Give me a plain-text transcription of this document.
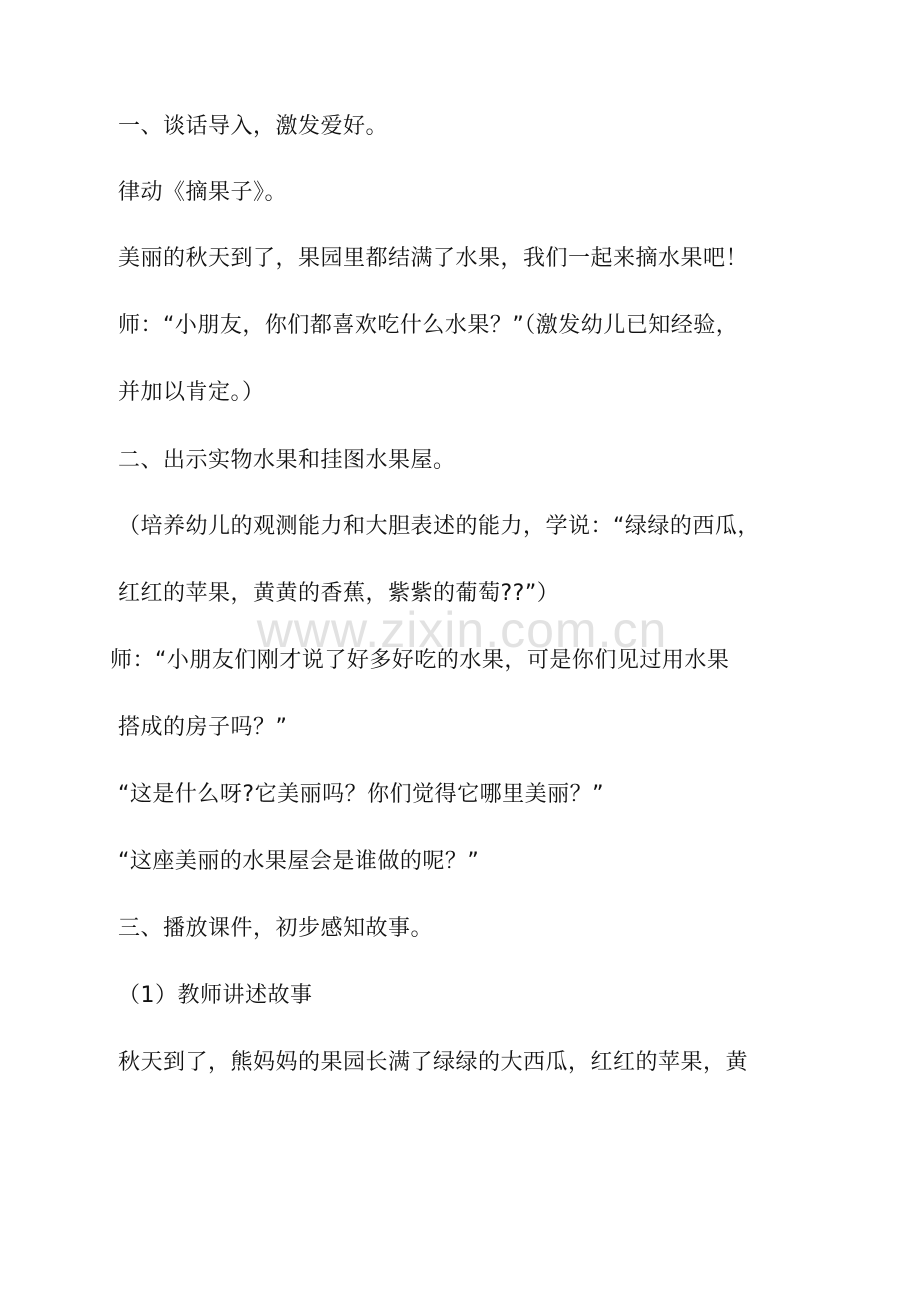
www.zixin.com.cn
一、谈话导入，激发爱好。
律动《摘果子》。
美丽的秋天到了，果园里都结满了水果，我们一起来摘水果吧！
师：“小朋友，你们都喜欢吃什么水果？”（激发幼儿已知经验，
并加以肯定。）
二、出示实物水果和挂图水果屋。
（培养幼儿的观测能力和大胆表述的能力，学说：“绿绿的西瓜，
红红的苹果，黄黄的香蕉，紫紫的葡萄??”）
师：“小朋友们刚才说了好多好吃的水果，可是你们见过用水果
搭成的房子吗？”
“这是什么呀?它美丽吗？你们觉得它哪里美丽？”
“这座美丽的水果屋会是谁做的呢？”
三、播放课件，初步感知故事。
（1）教师讲述故事
秋天到了，熊妈妈的果园长满了绿绿的大西瓜，红红的苹果，黄
